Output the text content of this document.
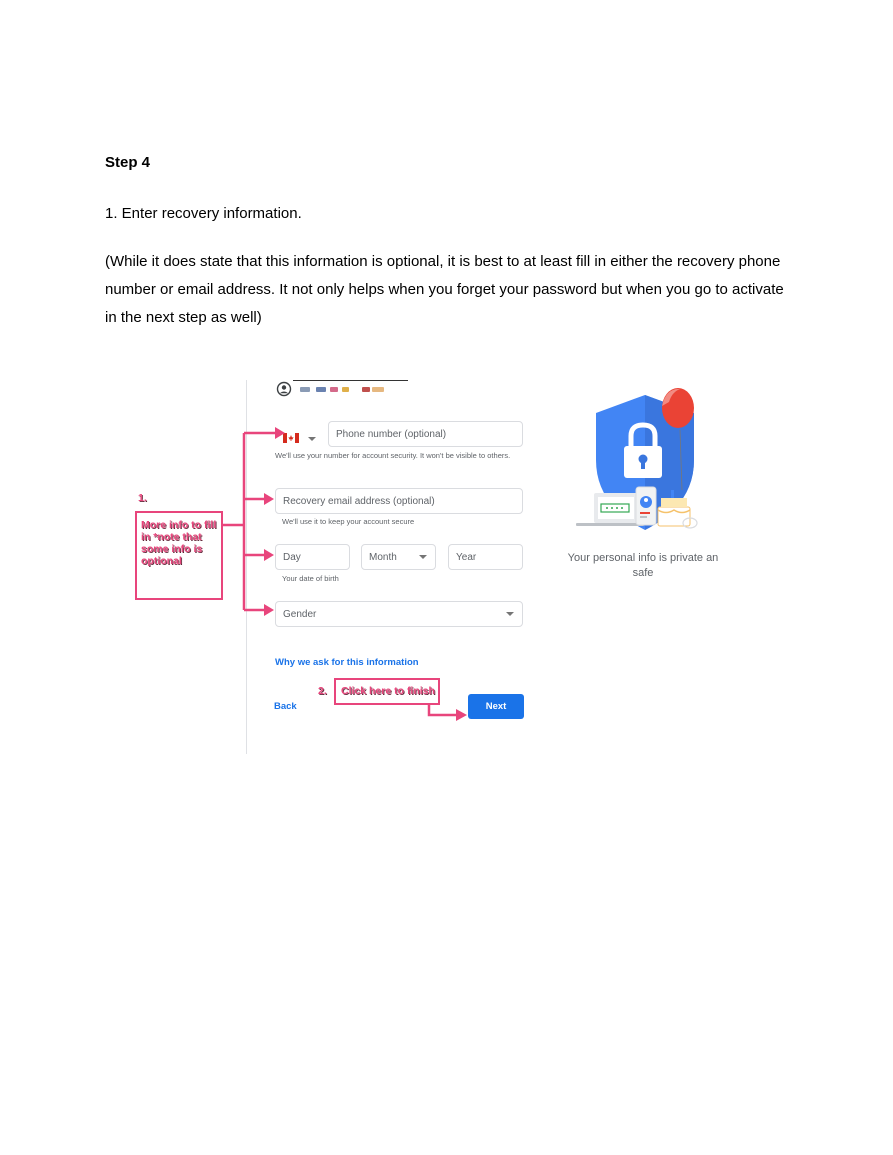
Step 4
1. Enter recovery information.
(While it does state that this information is optional, it is best to at least fill in either the recovery phone number or email address. It not only helps when you forget your password but when you go to activate in the next step as well)
Phone number (optional)
We'll use your number for account security. It won't be visible to others.
Recovery email address (optional)
We'll use it to keep your account secure
Day	Month	Year
Your date of birth
Gender
Why we ask for this information
Back	Next
1.
More info to fill in *note that some info is optional
2. Click here to finish
Your personal info is private an safe
